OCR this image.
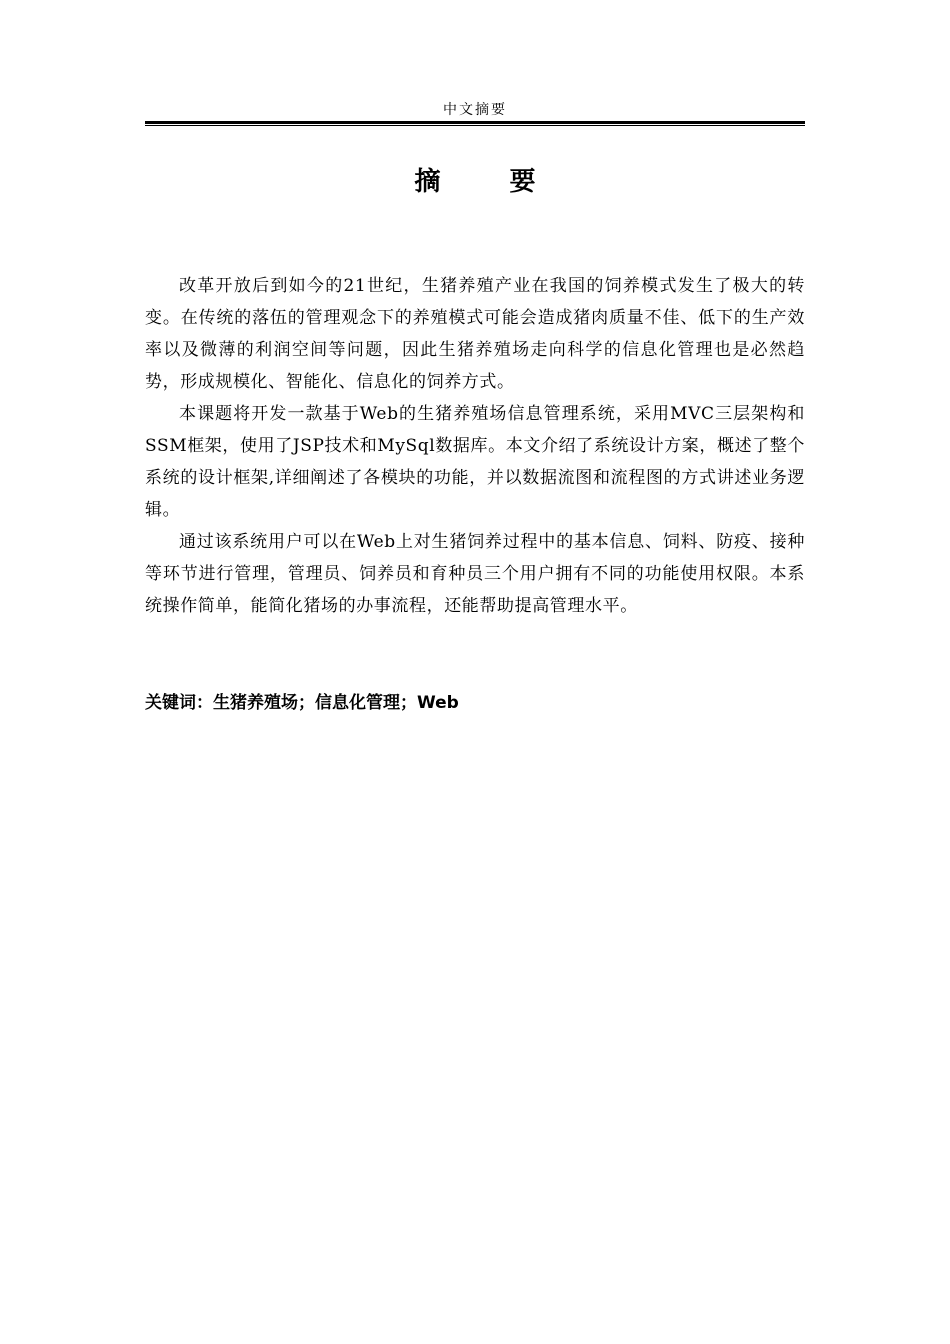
中文摘要
摘 要

改革开放后到如今的21世纪，生猪养殖产业在我国的饲养模式发生了极大的转变。在传统的落伍的管理观念下的养殖模式可能会造成猪肉质量不佳、低下的生产效率以及微薄的利润空间等问题，因此生猪养殖场走向科学的信息化管理也是必然趋势，形成规模化、智能化、信息化的饲养方式。

本课题将开发一款基于Web的生猪养殖场信息管理系统，采用MVC三层架构和SSM框架，使用了JSP技术和MySql数据库。本文介绍了系统设计方案，概述了整个系统的设计框架,详细阐述了各模块的功能，并以数据流图和流程图的方式讲述业务逻辑。

通过该系统用户可以在Web上对生猪饲养过程中的基本信息、饲料、防疫、接种等环节进行管理，管理员、饲养员和育种员三个用户拥有不同的功能使用权限。本系统操作简单，能简化猪场的办事流程，还能帮助提高管理水平。

关键词：生猪养殖场；信息化管理；Web
